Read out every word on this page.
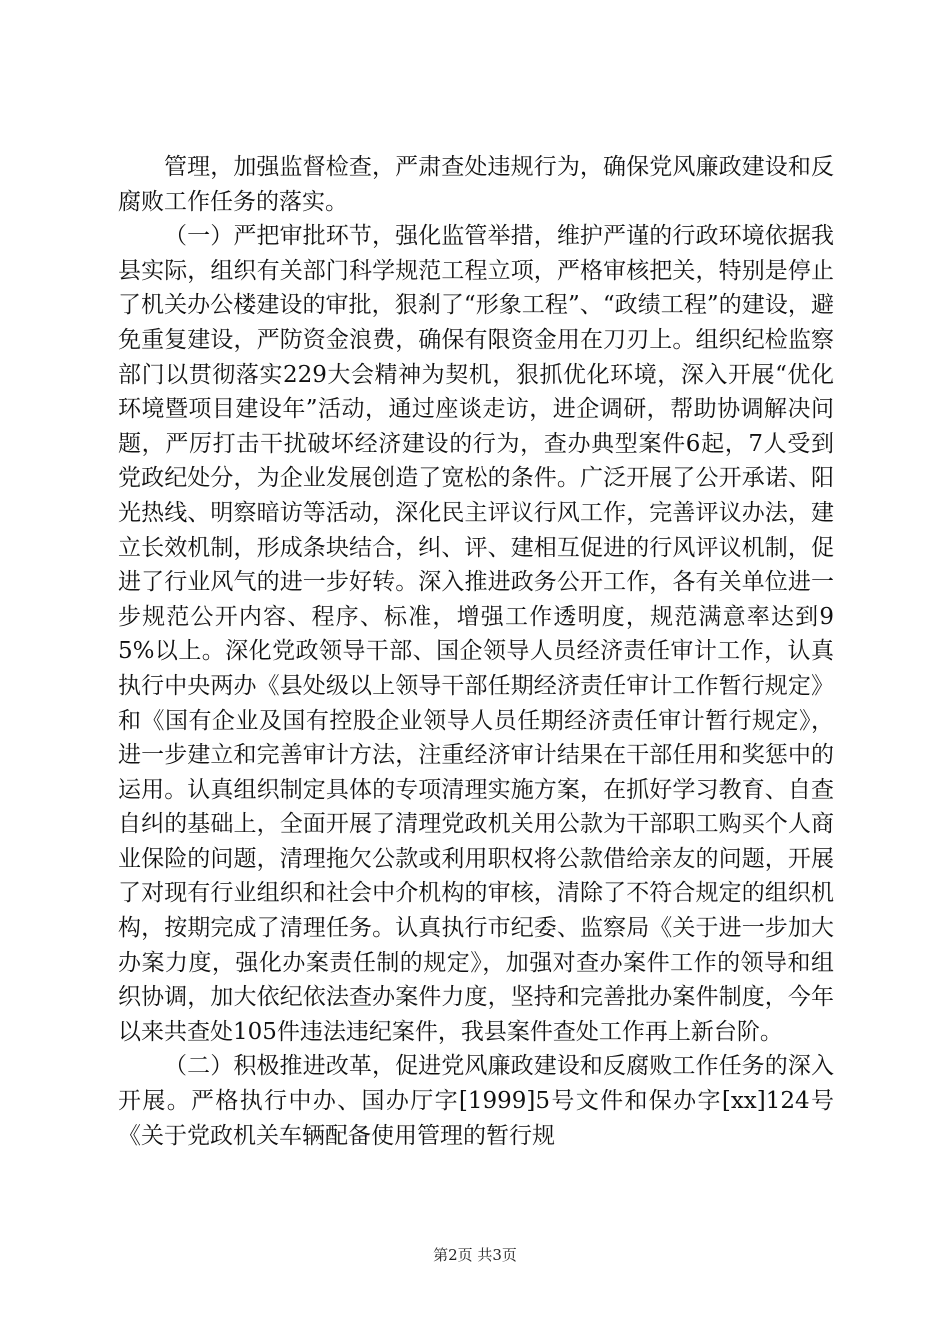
管理，加强监督检查，严肃查处违规行为，确保党风廉政建设和反腐败工作任务的落实。

（一）严把审批环节，强化监管举措，维护严谨的行政环境依据我县实际，组织有关部门科学规范工程立项，严格审核把关，特别是停止了机关办公楼建设的审批，狠刹了“形象工程”、“政绩工程”的建设，避免重复建设，严防资金浪费，确保有限资金用在刀刃上。组织纪检监察部门以贯彻落实229大会精神为契机，狠抓优化环境，深入开展“优化环境暨项目建设年”活动，通过座谈走访，进企调研，帮助协调解决问题，严厉打击干扰破坏经济建设的行为，查办典型案件6起，7人受到党政纪处分，为企业发展创造了宽松的条件。广泛开展了公开承诺、阳光热线、明察暗访等活动，深化民主评议行风工作，完善评议办法，建立长效机制，形成条块结合，纠、评、建相互促进的行风评议机制，促进了行业风气的进一步好转。深入推进政务公开工作，各有关单位进一步规范公开内容、程序、标准，增强工作透明度，规范满意率达到95%以上。深化党政领导干部、国企领导人员经济责任审计工作，认真执行中央两办《县处级以上领导干部任期经济责任审计工作暂行规定》和《国有企业及国有控股企业领导人员任期经济责任审计暂行规定》，进一步建立和完善审计方法，注重经济审计结果在干部任用和奖惩中的运用。认真组织制定具体的专项清理实施方案，在抓好学习教育、自查自纠的基础上，全面开展了清理党政机关用公款为干部职工购买个人商业保险的问题，清理拖欠公款或利用职权将公款借给亲友的问题，开展了对现有行业组织和社会中介机构的审核，清除了不符合规定的组织机构，按期完成了清理任务。认真执行市纪委、监察局《关于进一步加大办案力度，强化办案责任制的规定》，加强对查办案件工作的领导和组织协调，加大依纪依法查办案件力度，坚持和完善批办案件制度，今年以来共查处105件违法违纪案件，我县案件查处工作再上新台阶。

（二）积极推进改革，促进党风廉政建设和反腐败工作任务的深入开展。严格执行中办、国办厅字[1999]5号文件和保办字[xx]124号《关于党政机关车辆配备使用管理的暂行规

第2页 共3页
